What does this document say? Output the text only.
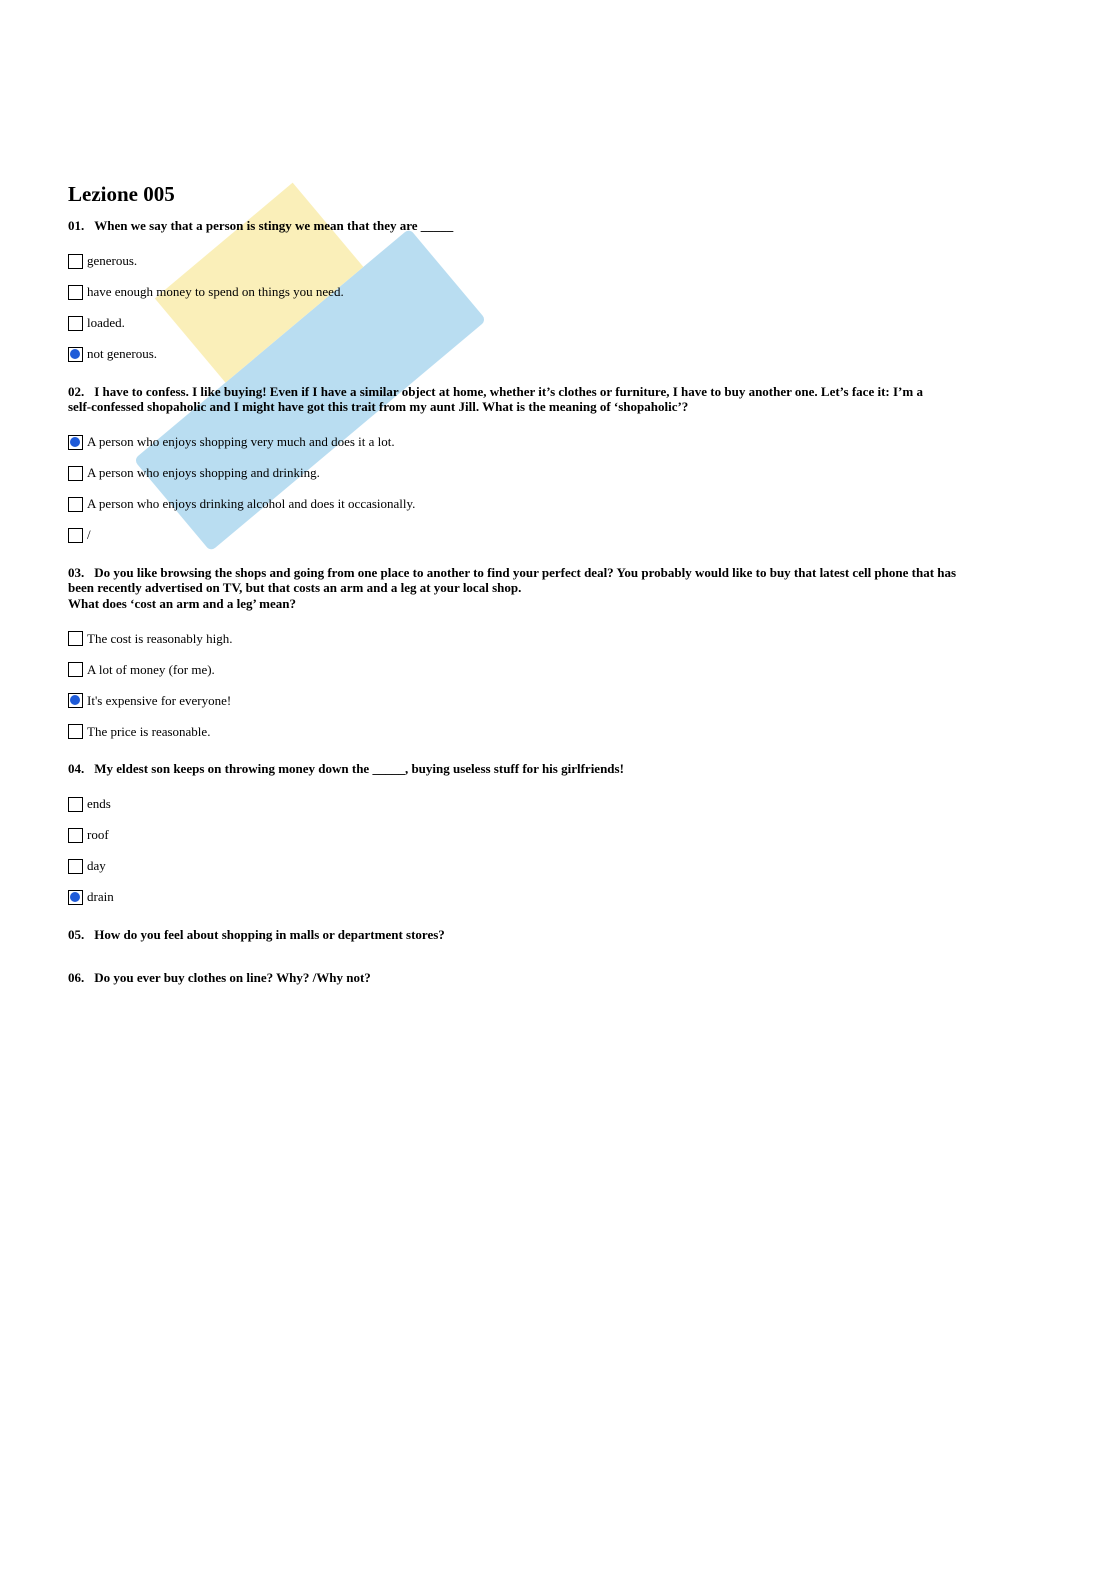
Lezione 005
01. When we say that a person is stingy we mean that they are _____
generous.
have enough money to spend on things you need.
loaded.
not generous.
02. I have to confess. I like buying! Even if I have a similar object at home, whether it’s clothes or furniture, I have to buy another one. Let’s face it: I’m a
self-confessed shopaholic and I might have got this trait from my aunt Jill. What is the meaning of ‘shopaholic’?
A person who enjoys shopping very much and does it a lot.
A person who enjoys shopping and drinking.
A person who enjoys drinking alcohol and does it occasionally.
/
03. Do you like browsing the shops and going from one place to another to find your perfect deal? You probably would like to buy that latest cell phone that has
been recently advertised on TV, but that costs an arm and a leg at your local shop.
What does ‘cost an arm and a leg’ mean?
The cost is reasonably high.
A lot of money (for me).
It's expensive for everyone!
The price is reasonable.
04. My eldest son keeps on throwing money down the _____, buying useless stuff for his girlfriends!
ends
roof
day
drain
05. How do you feel about shopping in malls or department stores?
06. Do you ever buy clothes on line? Why? /Why not?
